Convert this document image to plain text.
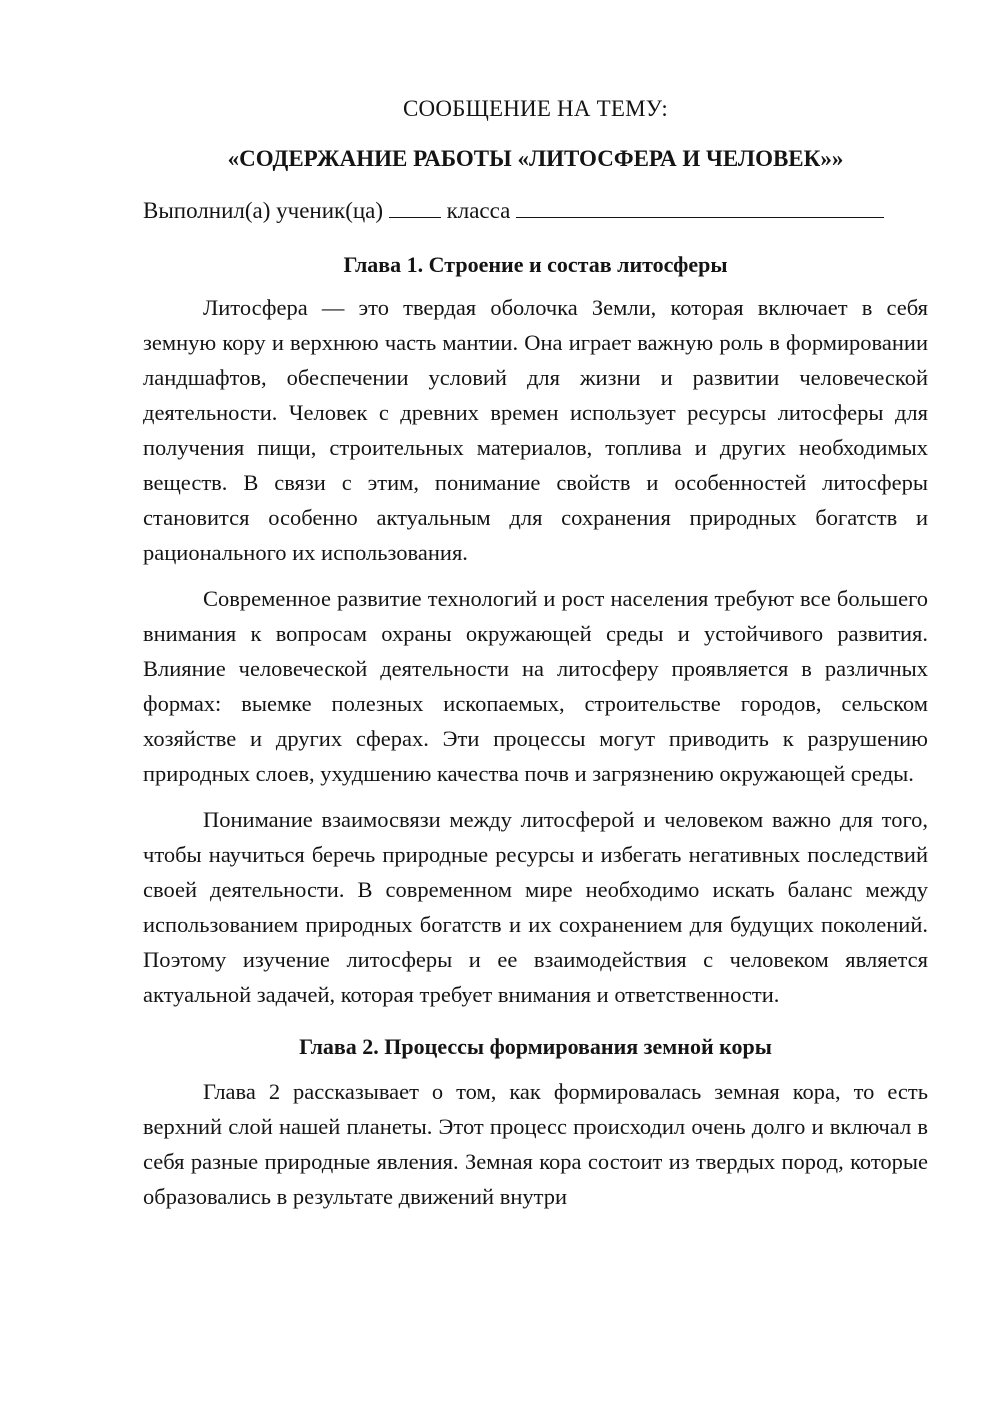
СООБЩЕНИЕ НА ТЕМУ:

«СОДЕРЖАНИЕ РАБОТЫ «ЛИТОСФЕРА И ЧЕЛОВЕК»»

Выполнил(а) ученик(ца)	класса

Глава 1. Строение и состав литосферы

Литосфера — это твердая оболочка Земли, которая включает в себя земную кору и верхнюю часть мантии. Она играет важную роль в формировании ландшафтов, обеспечении условий для жизни и развитии человеческой деятельности. Человек с древних времен использует ресурсы литосферы для получения пищи, строительных материалов, топлива и других необходимых веществ. В связи с этим, понимание свойств и особенностей литосферы становится особенно актуальным для сохранения природных богатств и рационального их использования.

Современное развитие технологий и рост населения требуют все большего внимания к вопросам охраны окружающей среды и устойчивого развития. Влияние человеческой деятельности на литосферу проявляется в различных формах: выемке полезных ископаемых, строительстве городов, сельском хозяйстве и других сферах. Эти процессы могут приводить к разрушению природных слоев, ухудшению качества почв и загрязнению окружающей среды.

Понимание взаимосвязи между литосферой и человеком важно для того, чтобы научиться беречь природные ресурсы и избегать негативных последствий своей деятельности. В современном мире необходимо искать баланс между использованием природных богатств и их сохранением для будущих поколений. Поэтому изучение литосферы и ее взаимодействия с человеком является актуальной задачей, которая требует внимания и ответственности.

Глава 2. Процессы формирования земной коры

Глава 2 рассказывает о том, как формировалась земная кора, то есть верхний слой нашей планеты. Этот процесс происходил очень долго и включал в себя разные природные явления. Земная кора состоит из твердых пород, которые образовались в результате движений внутри
